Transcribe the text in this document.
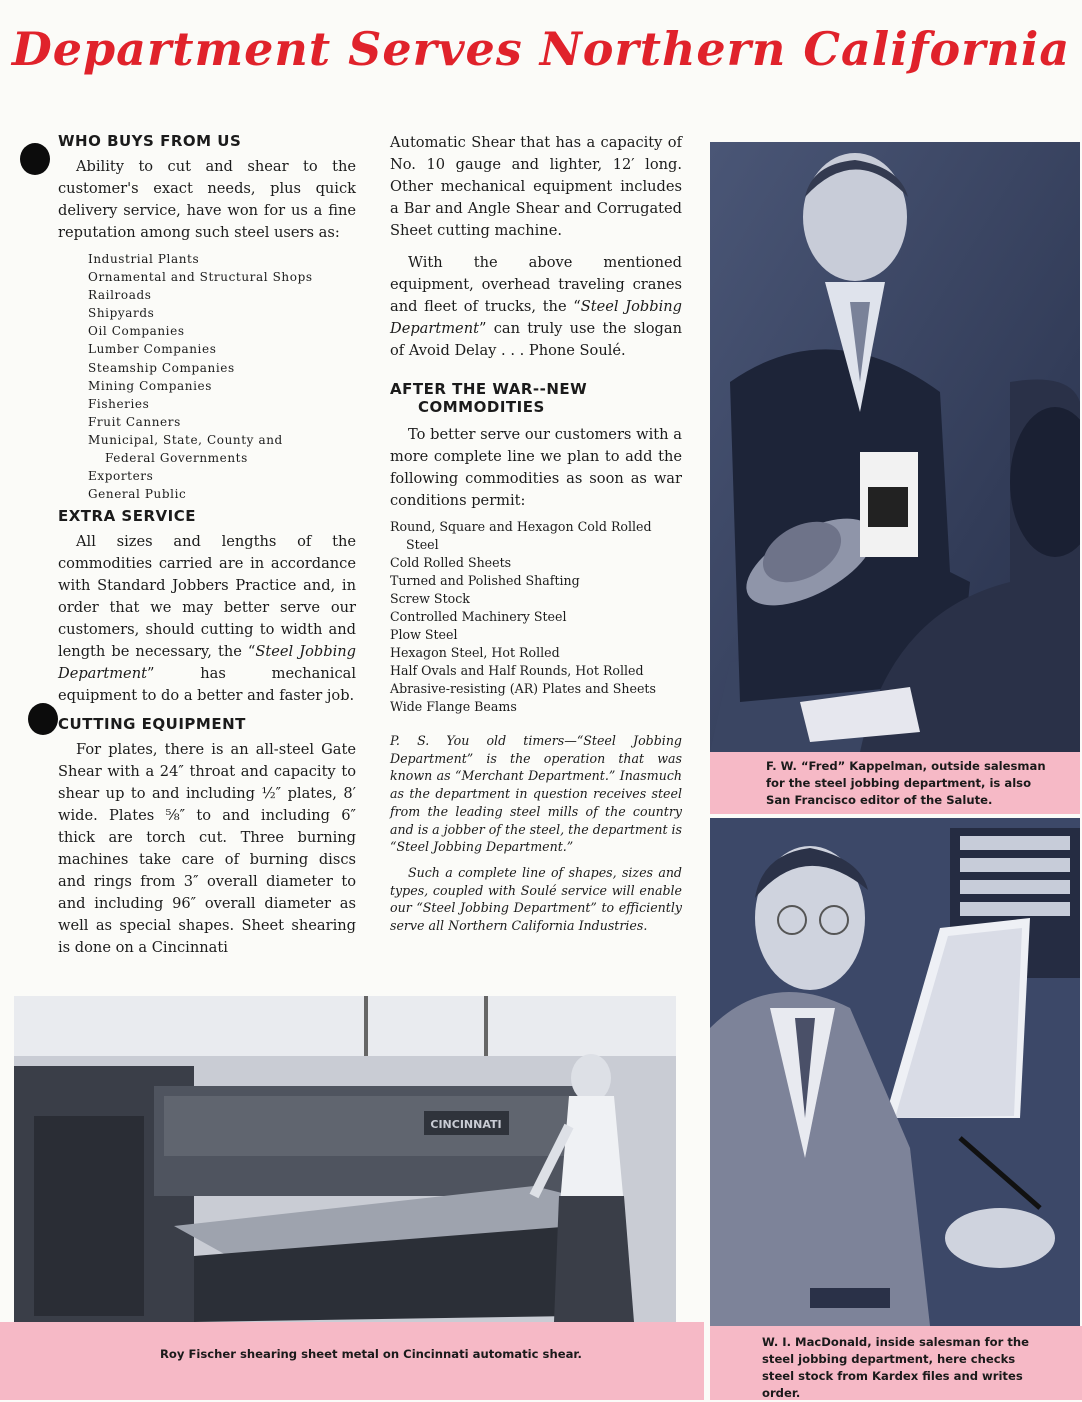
Department Serves Northern California
WHO BUYS FROM US

Ability to cut and shear to the customer's exact needs, plus quick delivery service, have won for us a fine reputation among such steel users as:

Industrial Plants
Ornamental and Structural Shops
Railroads
Shipyards
Oil Companies
Lumber Companies
Steamship Companies
Mining Companies
Fisheries
Fruit Canners
Municipal, State, County and
Federal Governments
Exporters
General Public
EXTRA SERVICE

All sizes and lengths of the commodities carried are in accordance with Standard Jobbers Practice and, in order that we may better serve our customers, should cutting to width and length be necessary, the “Steel Jobbing Department” has mechanical equipment to do a better and faster job.

CUTTING EQUIPMENT

For plates, there is an all-steel Gate Shear with a 24″ throat and capacity to shear up to and including ½″ plates, 8′ wide. Plates ⅝″ to and including 6″ thick are torch cut. Three burning machines take care of burning discs and rings from 3″ overall diameter to and including 96″ overall diameter as well as special shapes. Sheet shearing is done on a Cincinnati

Automatic Shear that has a capacity of No. 10 gauge and lighter, 12′ long. Other mechanical equipment includes a Bar and Angle Shear and Corrugated Sheet cutting machine.

With the above mentioned equipment, overhead traveling cranes and fleet of trucks, the “Steel Jobbing Department” can truly use the slogan of Avoid Delay . . . Phone Soulé.

AFTER THE WAR--NEW
COMMODITIES

To better serve our customers with a more complete line we plan to add the following commodities as soon as war conditions permit:

Round, Square and Hexagon Cold Rolled
Steel
Cold Rolled Sheets
Turned and Polished Shafting
Screw Stock
Controlled Machinery Steel
Plow Steel
Hexagon Steel, Hot Rolled
Half Ovals and Half Rounds, Hot Rolled
Abrasive-resisting (AR) Plates and Sheets
Wide Flange Beams

P. S. You old timers—“Steel Jobbing Department” is the operation that was known as “Merchant Department.” Inasmuch as the department in question receives steel from the leading steel mills of the country and is a jobber of the steel, the department is “Steel Jobbing Department.”

Such a complete line of shapes, sizes and types, coupled with Soulé service will enable our “Steel Jobbing Department” to efficiently serve all Northern California Industries.

F. W. “Fred” Kappelman, outside salesman for the steel jobbing department, is also San Francisco editor of the Salute.
CINCINNATI
Roy Fischer shearing sheet metal on Cincinnati automatic shear.
W. I. MacDonald, inside salesman for the steel jobbing department, here checks steel stock from Kardex files and writes order.
